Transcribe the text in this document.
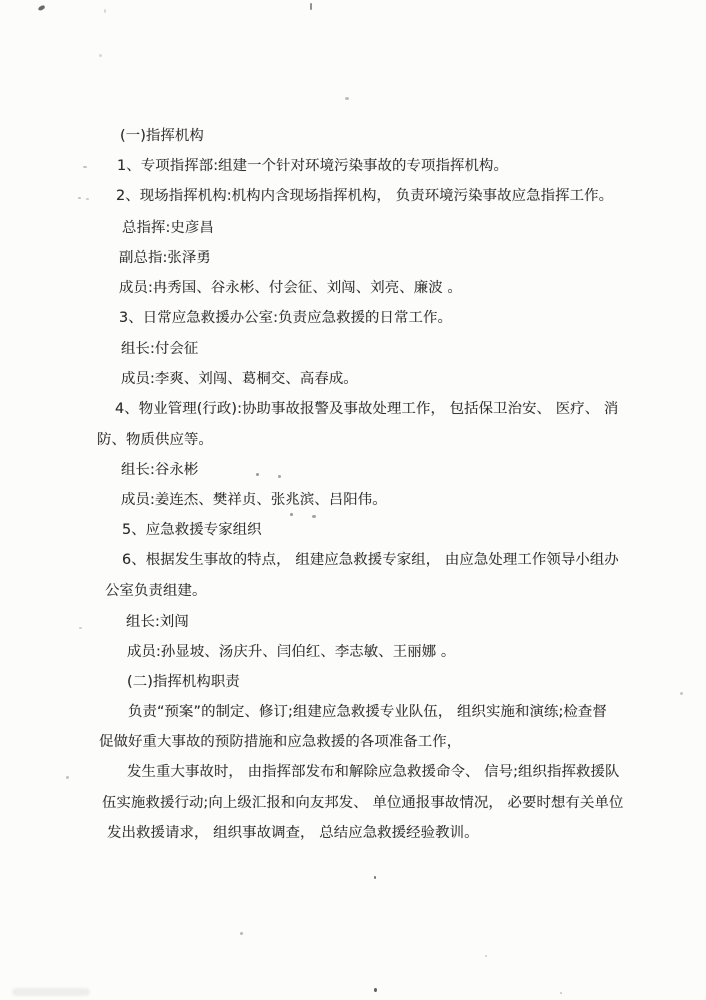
(一)指挥机构
1、专项指挥部:组建一个针对环境污染事故的专项指挥机构。
2、现场指挥机构:机构内含现场指挥机构， 负责环境污染事故应急指挥工作。
总指挥:史彦昌
副总指:张泽勇
成员:冉秀国、谷永彬、付会征、刘闯、刘亮、廉波 。
3、日常应急救援办公室:负责应急救援的日常工作。
组长:付会征
成员:李爽、刘闯、葛桐交、高春成。
4、物业管理(行政):协助事故报警及事故处理工作， 包括保卫治安、 医疗、 消
防、物质供应等。
组长:谷永彬
成员:姜连杰、樊祥贞、张兆滨、吕阳伟。
5、应急救援专家组织
6、根据发生事故的特点， 组建应急救援专家组， 由应急处理工作领导小组办
公室负责组建。
组长:刘闯
成员:孙显坡、汤庆升、闫伯红、李志敏、王丽娜 。
(二)指挥机构职责
负责“预案”的制定、修订;组建应急救援专业队伍， 组织实施和演练;检查督
促做好重大事故的预防措施和应急救援的各项准备工作，
发生重大事故时， 由指挥部发布和解除应急救援命令、 信号;组织指挥救援队
伍实施救援行动;向上级汇报和向友邦发、 单位通报事故情况， 必要时想有关单位
发出救援请求， 组织事故调查， 总结应急救援经验教训。
